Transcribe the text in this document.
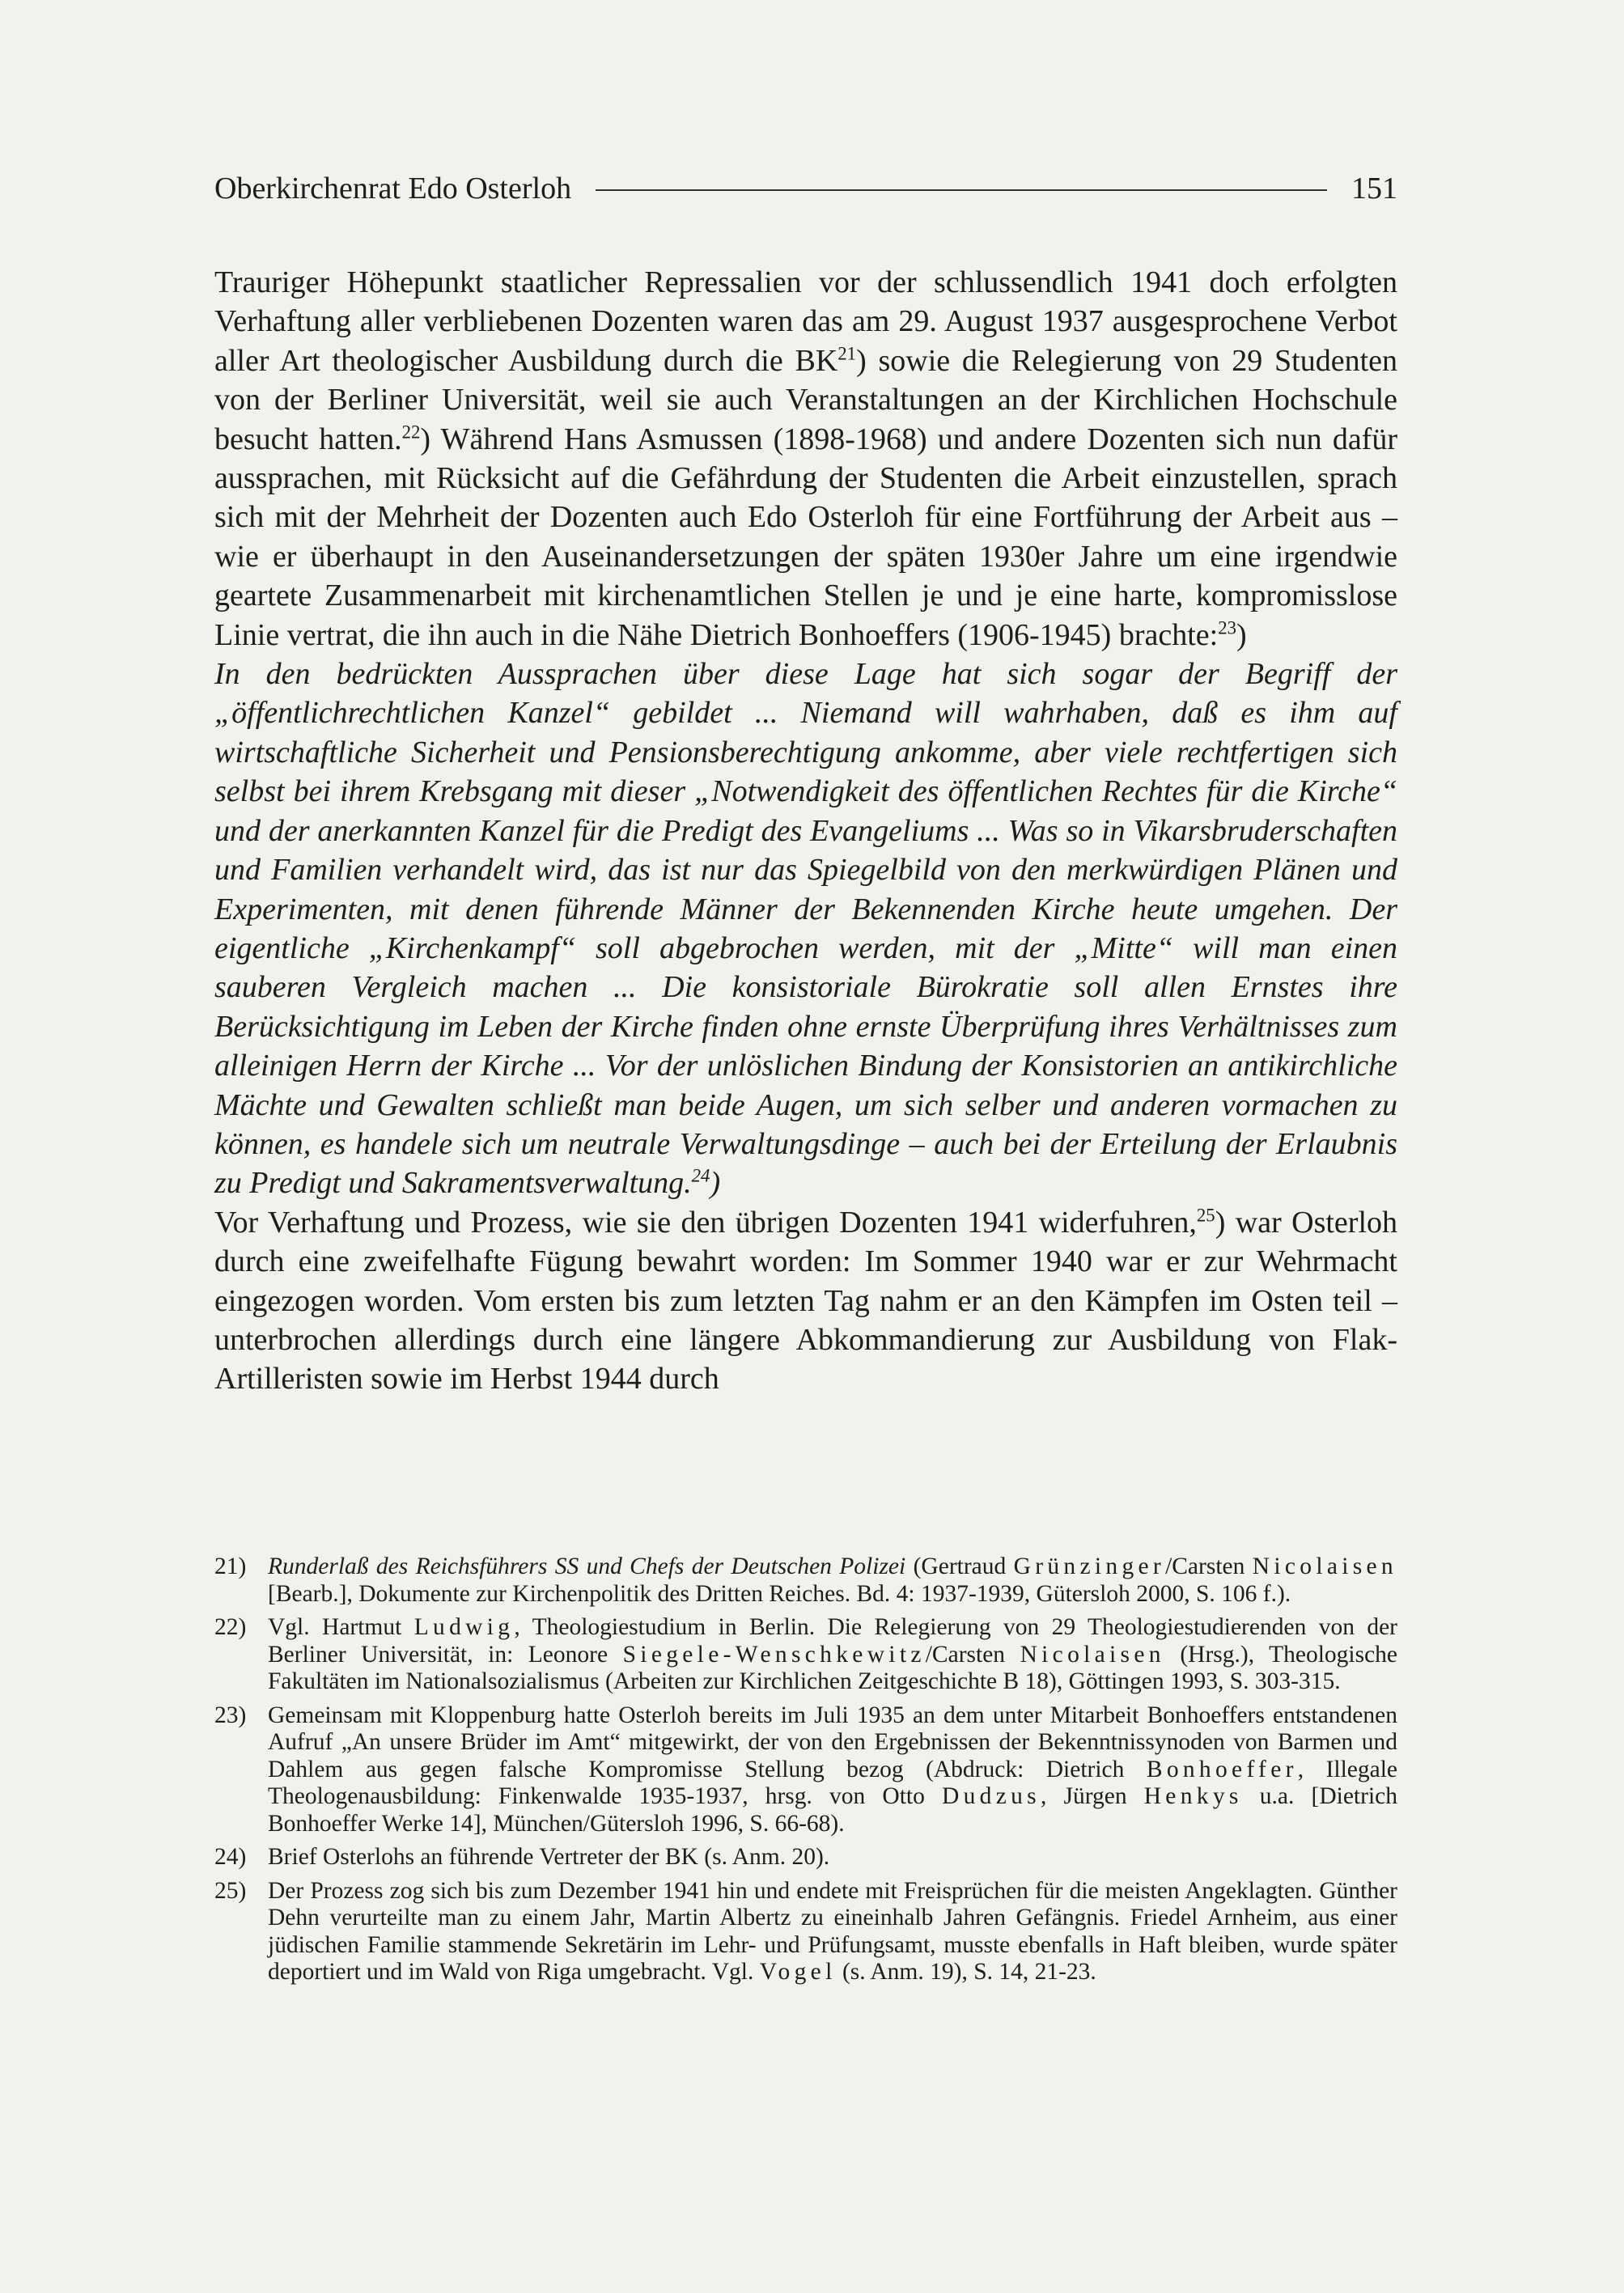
Oberkirchenrat Edo Osterloh	151

Trauriger Höhepunkt staatlicher Repressalien vor der schlussendlich 1941 doch erfolgten Verhaftung aller verbliebenen Dozenten waren das am 29. August 1937 ausgesprochene Verbot aller Art theologischer Ausbildung durch die BK$^{21}$) sowie die Relegierung von 29 Studenten von der Berliner Universität, weil sie auch Veranstaltungen an der Kirchlichen Hochschule besucht hatten.$^{22}$) Während Hans Asmussen (1898-1968) und andere Dozenten sich nun dafür aussprachen, mit Rücksicht auf die Gefährdung der Studenten die Arbeit einzustellen, sprach sich mit der Mehrheit der Dozenten auch Edo Osterloh für eine Fortführung der Arbeit aus – wie er überhaupt in den Auseinandersetzungen der späten 1930er Jahre um eine irgendwie geartete Zusammenarbeit mit kirchenamtlichen Stellen je und je eine harte, kompromisslose Linie vertrat, die ihn auch in die Nähe Dietrich Bonhoeffers (1906-1945) brachte:$^{23}$)

In den bedrückten Aussprachen über diese Lage hat sich sogar der Begriff der „öffentlichrechtlichen Kanzel“ gebildet ... Niemand will wahrhaben, daß es ihm auf wirtschaftliche Sicherheit und Pensionsberechtigung ankomme, aber viele rechtfertigen sich selbst bei ihrem Krebsgang mit dieser „Notwendigkeit des öffentlichen Rechtes für die Kirche“ und der anerkannten Kanzel für die Predigt des Evangeliums ... Was so in Vikarsbruderschaften und Familien verhandelt wird, das ist nur das Spiegelbild von den merkwürdigen Plänen und Experimenten, mit denen führende Männer der Bekennenden Kirche heute umgehen. Der eigentliche „Kirchenkampf“ soll abgebrochen werden, mit der „Mitte“ will man einen sauberen Vergleich machen ... Die konsistoriale Bürokratie soll allen Ernstes ihre Berücksichtigung im Leben der Kirche finden ohne ernste Überprüfung ihres Verhältnisses zum alleinigen Herrn der Kirche ... Vor der unlöslichen Bindung der Konsistorien an antikirchliche Mächte und Gewalten schließt man beide Augen, um sich selber und anderen vormachen zu können, es handele sich um neutrale Verwaltungsdinge – auch bei der Erteilung der Erlaubnis zu Predigt und Sakramentsverwaltung.$^{24}$)

Vor Verhaftung und Prozess, wie sie den übrigen Dozenten 1941 widerfuhren,$^{25}$) war Osterloh durch eine zweifelhafte Fügung bewahrt worden: Im Sommer 1940 war er zur Wehrmacht eingezogen worden. Vom ersten bis zum letzten Tag nahm er an den Kämpfen im Osten teil – unterbrochen allerdings durch eine längere Abkommandierung zur Ausbildung von Flak-Artilleristen sowie im Herbst 1944 durch

21) Runderlaß des Reichsführers SS und Chefs der Deutschen Polizei (Gertraud Grünzinger/Carsten Nicolaisen [Bearb.], Dokumente zur Kirchenpolitik des Dritten Reiches. Bd. 4: 1937-1939, Gütersloh 2000, S. 106 f.).
22) Vgl. Hartmut Ludwig, Theologiestudium in Berlin. Die Relegierung von 29 Theologiestudierenden von der Berliner Universität, in: Leonore Siegele-Wenschkewitz/Carsten Nicolaisen (Hrsg.), Theologische Fakultäten im Nationalsozialismus (Arbeiten zur Kirchlichen Zeitgeschichte B 18), Göttingen 1993, S. 303-315.
23) Gemeinsam mit Kloppenburg hatte Osterloh bereits im Juli 1935 an dem unter Mitarbeit Bonhoeffers entstandenen Aufruf „An unsere Brüder im Amt“ mitgewirkt, der von den Ergebnissen der Bekenntnissynoden von Barmen und Dahlem aus gegen falsche Kompromisse Stellung bezog (Abdruck: Dietrich Bonhoeffer, Illegale Theologenausbildung: Finkenwalde 1935-1937, hrsg. von Otto Dudzus, Jürgen Henkys u.a. [Dietrich Bonhoeffer Werke 14], München/Gütersloh 1996, S. 66-68).
24) Brief Osterlohs an führende Vertreter der BK (s. Anm. 20).
25) Der Prozess zog sich bis zum Dezember 1941 hin und endete mit Freisprüchen für die meisten Angeklagten. Günther Dehn verurteilte man zu einem Jahr, Martin Albertz zu eineinhalb Jahren Gefängnis. Friedel Arnheim, aus einer jüdischen Familie stammende Sekretärin im Lehr- und Prüfungsamt, musste ebenfalls in Haft bleiben, wurde später deportiert und im Wald von Riga umgebracht. Vgl. Vogel (s. Anm. 19), S. 14, 21-23.
